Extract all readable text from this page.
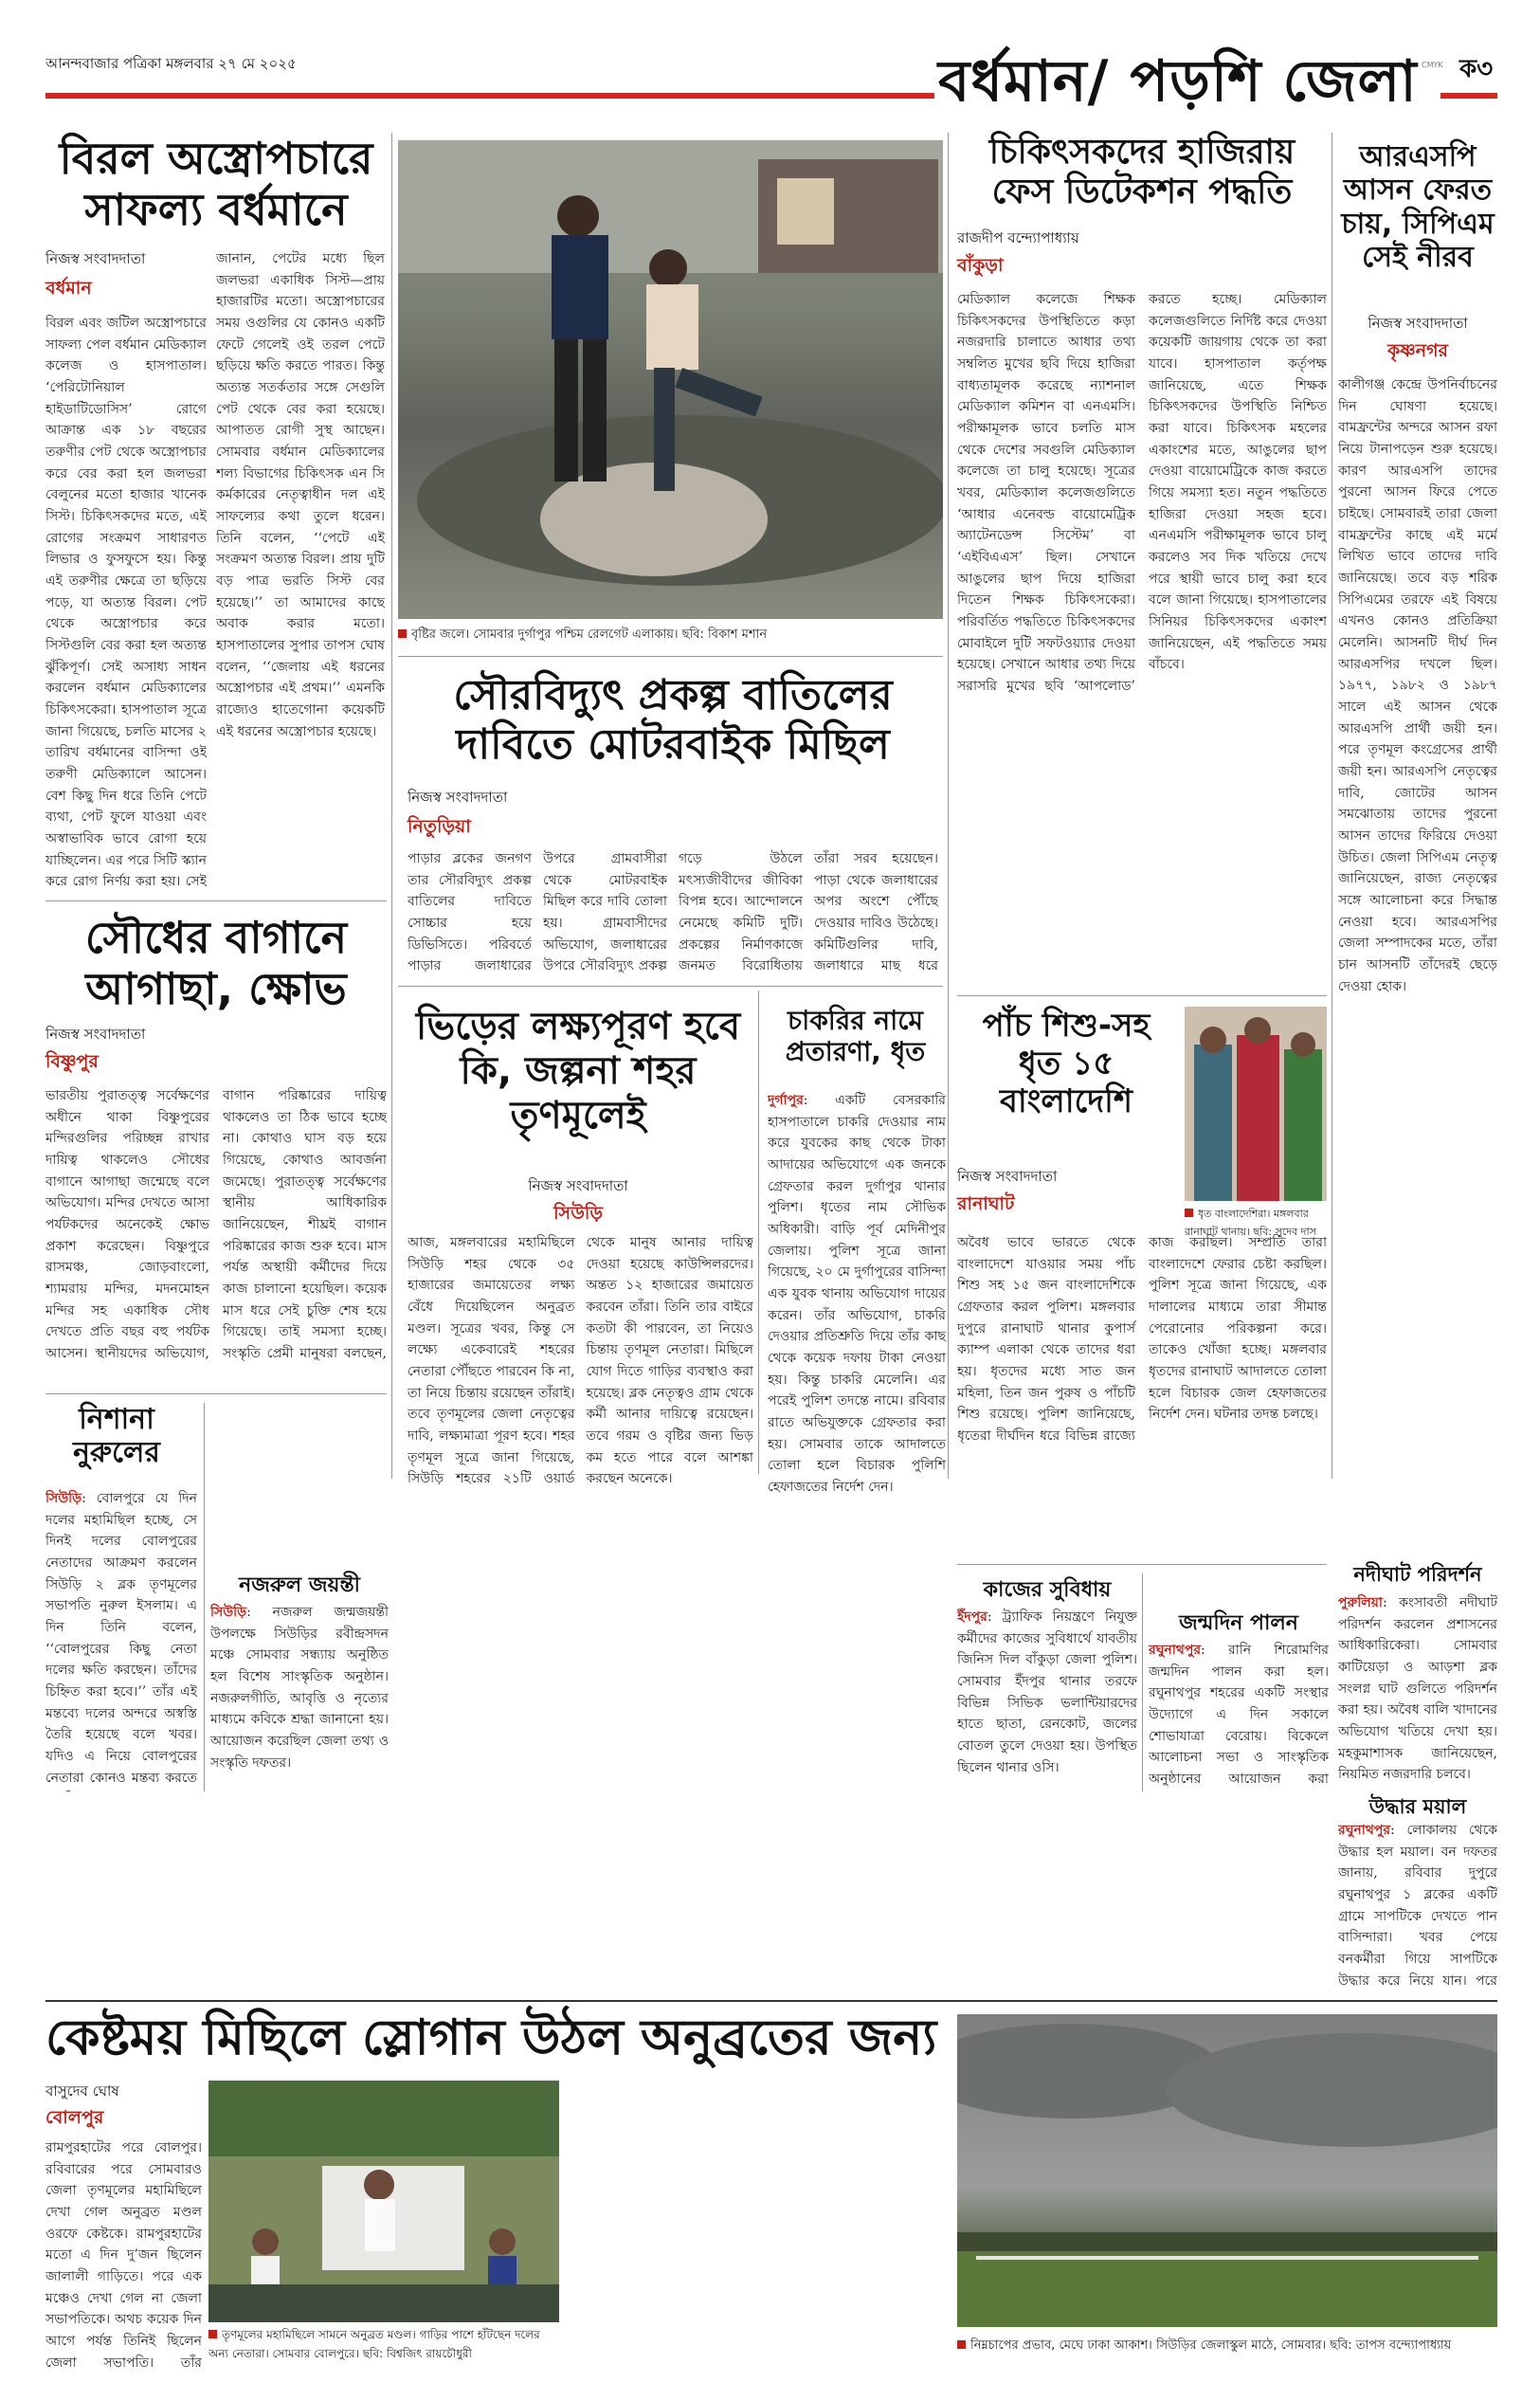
আনন্দবাজার পত্রিকা মঙ্গলবার ২৭ মে ২০২৫	বর্ধমান/ পড়শি জেলা ক৩
CMYK
বিরল অস্ত্রোপচারে সাফল্য বর্ধমানে
নিজস্ব সংবাদদাতা
বর্ধমান
বিরল এবং জটিল অস্ত্রোপচারে সাফল্য পেল বর্ধমান মেডিক্যাল কলেজ ও হাসপাতাল। ‘পেরিটোনিয়াল হাইডাটিডোসিস’ রোগে আক্রান্ত এক ১৮ বছরের তরুণীর পেট থেকে অস্ত্রোপচার করে বের করা হল জলভরা বেলুনের মতো হাজার খানেক সিস্ট। চিকিৎসকদের মতে, এই রোগের সংক্রমণ সাধারণত লিভার ও ফুসফুসে হয়। কিন্তু এই তরুণীর ক্ষেত্রে তা ছড়িয়ে পড়ে, যা অত্যন্ত বিরল। পেট থেকে অস্ত্রোপচার করে সিস্টগুলি বের করা হল অত্যন্ত ঝুঁকিপূর্ণ। সেই অসাধ্য সাধন করলেন বর্ধমান মেডিক্যালের চিকিৎসকেরা। হাসপাতাল সূত্রে জানা গিয়েছে, চলতি মাসের ২ তারিখ বর্ধমানের বাসিন্দা ওই তরুণী মেডিক্যালে আসেন। বেশ কিছু দিন ধরে তিনি পেটে ব্যথা, পেট ফুলে যাওয়া এবং অস্বাভাবিক ভাবে রোগা হয়ে যাচ্ছিলেন। এর পরে সিটি স্ক্যান করে রোগ নির্ণয় করা হয়। সেই
জানান, পেটের মধ্যে ছিল জলভরা একাধিক সিস্ট—প্রায় হাজারটির মতো। অস্ত্রোপচারের সময় ওগুলির যে কোনও একটি ফেটে গেলেই ওই তরল পেটে ছড়িয়ে ক্ষতি করতে পারত। কিন্তু অত্যন্ত সতর্কতার সঙ্গে সেগুলি পেট থেকে বের করা হয়েছে। আপাতত রোগী সুস্থ আছেন। সোমবার বর্ধমান মেডিক্যালের শল্য বিভাগের চিকিৎসক এন সি কর্মকারের নেতৃত্বাধীন দল এই সাফল্যের কথা তুলে ধরেন। তিনি বলেন, ‘‘পেটে এই সংক্রমণ অত্যন্ত বিরল। প্রায় দুটি বড় পাত্র ভরতি সিস্ট বের হয়েছে।’’ তা আমাদের কাছে অবাক করার মতো। হাসপাতালের সুপার তাপস ঘোষ বলেন, ‘‘জেলায় এই ধরনের অস্ত্রোপচার এই প্রথম।’’ এমনকি রাজ্যেও হাতেগোনা কয়েকটি এই ধরনের অস্ত্রোপচার হয়েছে।
বৃষ্টির জলে। সোমবার দুর্গাপুর পশ্চিম রেলগেট এলাকায়। ছবি: বিকাশ মশান
সৌরবিদ্যুৎ প্রকল্প বাতিলের দাবিতে মোটরবাইক মিছিল
নিজস্ব সংবাদদাতা
নিতুড়িয়া
পাড়ার ব্লকের জনগণ তার সৌরবিদ্যুৎ প্রকল্প বাতিলের দাবিতে সোচ্চার হয়ে ডিভিসিতে। পরিবর্তে পাড়ার জলাধারের উপরে গ্রামবাসীরা থেকে মোটরবাইক মিছিল করে দাবি তোলা হয়। গ্রামবাসীদের অভিযোগ, জলাধারের উপরে সৌরবিদ্যুৎ প্রকল্প গড়ে উঠলে মৎস্যজীবীদের জীবিকা বিপন্ন হবে। আন্দোলনে নেমেছে কমিটি দুটি। প্রকল্পের নির্মাণকাজে জনমত বিরোধিতায় তাঁরা সরব হয়েছেন। পাড়া থেকে জলাধারের অপর অংশে পৌঁছে দেওয়ার দাবিও উঠেছে। কমিটিগুলির দাবি, জলাধারে মাছ ধরে
চিকিৎসকদের হাজিরায় ফেস ডিটেকশন পদ্ধতি
রাজদীপ বন্দ্যোপাধ্যায়
বাঁকুড়া
মেডিক্যাল কলেজে শিক্ষক চিকিৎসকদের উপস্থিতিতে কড়া নজরদারি চালাতে আধার তথ্য সম্বলিত মুখের ছবি দিয়ে হাজিরা বাধ্যতামূলক করেছে ন্যাশনাল মেডিক্যাল কমিশন বা এনএমসি। পরীক্ষামূলক ভাবে চলতি মাস থেকে দেশের সবগুলি মেডিক্যাল কলেজে তা চালু হয়েছে। সূত্রের খবর, মেডিক্যাল কলেজগুলিতে ‘আধার এনেবল্ড বায়োমেট্রিক অ্যাটেনডেন্স সিস্টেম’ বা ‘এইবিএএস’ ছিল। সেখানে আঙুলের ছাপ দিয়ে হাজিরা দিতেন শিক্ষক চিকিৎসকেরা। পরিবর্তিত পদ্ধতিতে চিকিৎসকদের মোবাইলে দুটি সফটওয়্যার দেওয়া হয়েছে। সেখানে আধার তথ্য দিয়ে সরাসরি মুখের ছবি ‘আপলোড’ করতে হচ্ছে। মেডিক্যাল কলেজগুলিতে নির্দিষ্ট করে দেওয়া কয়েকটি জায়গায় থেকে তা করা যাবে। হাসপাতাল কর্তৃপক্ষ জানিয়েছে, এতে শিক্ষক চিকিৎসকদের উপস্থিতি নিশ্চিত করা যাবে। চিকিৎসক মহলের একাংশের মতে, আঙুলের ছাপ দেওয়া বায়োমেট্রিকে কাজ করতে গিয়ে সমস্যা হত। নতুন পদ্ধতিতে হাজিরা দেওয়া সহজ হবে। এনএমসি পরীক্ষামূলক ভাবে চালু করলেও সব দিক খতিয়ে দেখে পরে স্থায়ী ভাবে চালু করা হবে বলে জানা গিয়েছে। হাসপাতালের সিনিয়র চিকিৎসকদের একাংশ জানিয়েছেন, এই পদ্ধতিতে সময় বাঁচবে।
আরএসপি আসন ফেরত চায়, সিপিএম সেই নীরব
নিজস্ব সংবাদদাতা
কৃষ্ণনগর
কালীগঞ্জ কেন্দ্রে উপনির্বাচনের দিন ঘোষণা হয়েছে। বামফ্রন্টের অন্দরে আসন রফা নিয়ে টানাপড়েন শুরু হয়েছে। কারণ আরএসপি তাদের পুরনো আসন ফিরে পেতে চাইছে। সোমবারই তারা জেলা বামফ্রন্টের কাছে এই মর্মে লিখিত ভাবে তাদের দাবি জানিয়েছে। তবে বড় শরিক সিপিএমের তরফে এই বিষয়ে এখনও কোনও প্রতিক্রিয়া মেলেনি। আসনটি দীর্ঘ দিন আরএসপির দখলে ছিল। ১৯৭৭, ১৯৮২ ও ১৯৮৭ সালে এই আসন থেকে আরএসপি প্রার্থী জয়ী হন। পরে তৃণমূল কংগ্রেসের প্রার্থী জয়ী হন। আরএসপি নেতৃত্বের দাবি, জোটের আসন সমঝোতায় তাদের পুরনো আসন তাদের ফিরিয়ে দেওয়া উচিত। জেলা সিপিএম নেতৃত্ব জানিয়েছেন, রাজ্য নেতৃত্বের সঙ্গে আলোচনা করে সিদ্ধান্ত নেওয়া হবে। আরএসপির জেলা সম্পাদকের মতে, তাঁরা চান আসনটি তাঁদেরই ছেড়ে দেওয়া হোক।
সৌধের বাগানে আগাছা, ক্ষোভ
নিজস্ব সংবাদদাতা
বিষ্ণুপুর
ভারতীয় পুরাতত্ত্ব সর্বেক্ষণের অধীনে থাকা বিষ্ণুপুরের মন্দিরগুলির পরিচ্ছন্ন রাখার দায়িত্ব থাকলেও সৌধের বাগানে আগাছা জন্মেছে বলে অভিযোগ। মন্দির দেখতে আসা পর্যটকদের অনেকেই ক্ষোভ প্রকাশ করেছেন। বিষ্ণুপুরে রাসমঞ্চ, জোড়বাংলো, শ্যামরায় মন্দির, মদনমোহন মন্দির সহ একাধিক সৌধ দেখতে প্রতি বছর বহু পর্যটক আসেন। স্থানীয়দের অভিযোগ, বাগান পরিষ্কারের দায়িত্ব থাকলেও তা ঠিক ভাবে হচ্ছে না। কোথাও ঘাস বড় হয়ে গিয়েছে, কোথাও আবর্জনা জমেছে। পুরাতত্ত্ব সর্বেক্ষণের স্থানীয় আধিকারিক জানিয়েছেন, শীঘ্রই বাগান পরিষ্কারের কাজ শুরু হবে। মাস পর্যন্ত অস্থায়ী কর্মীদের দিয়ে কাজ চালানো হয়েছিল। কয়েক মাস ধরে সেই চুক্তি শেষ হয়ে গিয়েছে। তাই সমস্যা হচ্ছে। সংস্কৃতি প্রেমী মানুষরা বলছেন,
ভিড়ের লক্ষ্যপূরণ হবে কি, জল্পনা শহর তৃণমূলেই
নিজস্ব সংবাদদাতা
সিউড়ি
আজ, মঙ্গলবারের মহামিছিলে সিউড়ি শহর থেকে ৩৫ হাজারের জমায়েতের লক্ষ্য বেঁধে দিয়েছিলেন অনুব্রত মণ্ডল। সূত্রের খবর, কিন্তু সে লক্ষ্যে একেবারেই শহরের নেতারা পৌঁছতে পারবেন কি না, তা নিয়ে চিন্তায় রয়েছেন তাঁরাই। তবে তৃণমূলের জেলা নেতৃত্বের দাবি, লক্ষ্যমাত্রা পূরণ হবে। শহর তৃণমূল সূত্রে জানা গিয়েছে, সিউড়ি শহরের ২১টি ওয়ার্ড থেকে মানুষ আনার দায়িত্ব দেওয়া হয়েছে কাউন্সিলরদের। অন্তত ১২ হাজারের জমায়েত করবেন তাঁরা। তিনি তার বাইরে কতটা কী পারবেন, তা নিয়েও চিন্তায় তৃণমূল নেতারা। মিছিলে যোগ দিতে গাড়ির ব্যবস্থাও করা হয়েছে। ব্লক নেতৃত্বও গ্রাম থেকে কর্মী আনার দায়িত্বে রয়েছেন। তবে গরম ও বৃষ্টির জন্য ভিড় কম হতে পারে বলে আশঙ্কা করছেন অনেকে।
চাকরির নামে প্রতারণা, ধৃত
দুর্গাপুর: একটি বেসরকারি হাসপাতালে চাকরি দেওয়ার নাম করে যুবকের কাছ থেকে টাকা আদায়ের অভিযোগে এক জনকে গ্রেফতার করল দুর্গাপুর থানার পুলিশ। ধৃতের নাম সৌভিক অধিকারী। বাড়ি পূর্ব মেদিনীপুর জেলায়। পুলিশ সূত্রে জানা গিয়েছে, ২০ মে দুর্গাপুরের বাসিন্দা এক যুবক থানায় অভিযোগ দায়ের করেন। তাঁর অভিযোগ, চাকরি দেওয়ার প্রতিশ্রুতি দিয়ে তাঁর কাছ থেকে কয়েক দফায় টাকা নেওয়া হয়। কিন্তু চাকরি মেলেনি। এর পরেই পুলিশ তদন্তে নামে। রবিবার রাতে অভিযুক্তকে গ্রেফতার করা হয়। সোমবার তাকে আদালতে তোলা হলে বিচারক পুলিশি হেফাজতের নির্দেশ দেন।
পাঁচ শিশু-সহ ধৃত ১৫ বাংলাদেশি
নিজস্ব সংবাদদাতা
রানাঘাট	ধৃত বাংলাদেশিরা। মঙ্গলবার রানাঘাট থানায়। ছবি: সুদেব দাস
অবৈধ ভাবে ভারতে থেকে বাংলাদেশে যাওয়ার সময় পাঁচ শিশু সহ ১৫ জন বাংলাদেশিকে গ্রেফতার করল পুলিশ। মঙ্গলবার দুপুরে রানাঘাট থানার কুপার্স ক্যাম্প এলাকা থেকে তাদের ধরা হয়। ধৃতদের মধ্যে সাত জন মহিলা, তিন জন পুরুষ ও পাঁচটি শিশু রয়েছে। পুলিশ জানিয়েছে, ধৃতেরা দীর্ঘদিন ধরে বিভিন্ন রাজ্যে কাজ করছিল। সম্প্রতি তারা বাংলাদেশে ফেরার চেষ্টা করছিল। পুলিশ সূত্রে জানা গিয়েছে, এক দালালের মাধ্যমে তারা সীমান্ত পেরোনোর পরিকল্পনা করে। তাকেও খোঁজা হচ্ছে। মঙ্গলবার ধৃতদের রানাঘাট আদালতে তোলা হলে বিচারক জেল হেফাজতের নির্দেশ দেন। ঘটনার তদন্ত চলছে।
কাজের সুবিধায়
ইঁদপুর: ট্র্যাফিক নিয়ন্ত্রণে নিযুক্ত কর্মীদের কাজের সুবিধার্থে যাবতীয় জিনিস দিল বাঁকুড়া জেলা পুলিশ। সোমবার ইঁদপুর থানার তরফে বিভিন্ন সিভিক ভলান্টিয়ারদের হাতে ছাতা, রেনকোট, জলের বোতল তুলে দেওয়া হয়। উপস্থিত ছিলেন থানার ওসি।
জন্মদিন পালন
রঘুনাথপুর: রানি শিরোমণির জন্মদিন পালন করা হল। রঘুনাথপুর শহরের একটি সংস্থার উদ্যোগে এ দিন সকালে শোভাযাত্রা বেরোয়। বিকেলে আলোচনা সভা ও সাংস্কৃতিক অনুষ্ঠানের আয়োজন করা
নিশানা নুরুলের
সিউড়ি: বোলপুরে যে দিন দলের মহামিছিল হচ্ছে, সে দিনই দলের বোলপুরের নেতাদের আক্রমণ করলেন সিউড়ি ২ ব্লক তৃণমূলের সভাপতি নুরুল ইসলাম। এ দিন তিনি বলেন, ‘‘বোলপুরের কিছু নেতা দলের ক্ষতি করছেন। তাঁদের চিহ্নিত করা হবে।’’ তাঁর এই মন্তব্যে দলের অন্দরে অস্বস্তি তৈরি হয়েছে বলে খবর। যদিও এ নিয়ে বোলপুরের নেতারা কোনও মন্তব্য করতে
নজরুল জয়ন্তী
সিউড়ি: নজরুল জন্মজয়ন্তী উপলক্ষে সিউড়ির রবীন্দ্রসদন মঞ্চে সোমবার সন্ধ্যায় অনুষ্ঠিত হল বিশেষ সাংস্কৃতিক অনুষ্ঠান। নজরুলগীতি, আবৃত্তি ও নৃত্যের মাধ্যমে কবিকে শ্রদ্ধা জানানো হয়। আয়োজন করেছিল জেলা তথ্য ও সংস্কৃতি দফতর।
নদীঘাট পরিদর্শন
পুরুলিয়া: কংসাবতী নদীঘাট পরিদর্শন করলেন প্রশাসনের আধিকারিকেরা। সোমবার কাটিয়েড়া ও আড়শা ব্লক সংলগ্ন ঘাট গুলিতে পরিদর্শন করা হয়। অবৈধ বালি খাদানের অভিযোগ খতিয়ে দেখা হয়। মহকুমাশাসক জানিয়েছেন, নিয়মিত নজরদারি চলবে।
উদ্ধার ময়াল
রঘুনাথপুর: লোকালয় থেকে উদ্ধার হল ময়াল। বন দফতর জানায়, রবিবার দুপুরে রঘুনাথপুর ১ ব্লকের একটি গ্রামে সাপটিকে দেখতে পান বাসিন্দারা। খবর পেয়ে বনকর্মীরা গিয়ে সাপটিকে উদ্ধার করে নিয়ে যান। পরে
কেষ্টময় মিছিলে স্লোগান উঠল অনুব্রতের জন্য
বাসুদেব ঘোষ
বোলপুর
রামপুরহাটের পরে বোলপুর। রবিবারের পরে সোমবারও জেলা তৃণমূলের মহামিছিলে দেখা গেল অনুব্রত মণ্ডল ওরফে কেষ্টকে। রামপুরহাটের মতো এ দিন দু’জন ছিলেন জালালী গাড়িতে। পরে এক মঞ্চেও দেখা গেল না জেলা সভাপতিকে। অথচ কয়েক দিন আগে পর্যন্ত তিনিই ছিলেন জেলা সভাপতি। তাঁর
তৃণমূলের মহামিছিলে সামনে অনুব্রত মণ্ডল। গাড়ির পাশে হাঁটছেন দলের অন্য নেতারা। সোমবার বোলপুরে। ছবি: বিশ্বজিৎ রায়চৌধুরী
নিম্নচাপের প্রভাব, মেঘে ঢাকা আকাশ। সিউড়ির জেলাস্কুল মাঠে, সোমবার। ছবি: তাপস বন্দ্যোপাধ্যায়
